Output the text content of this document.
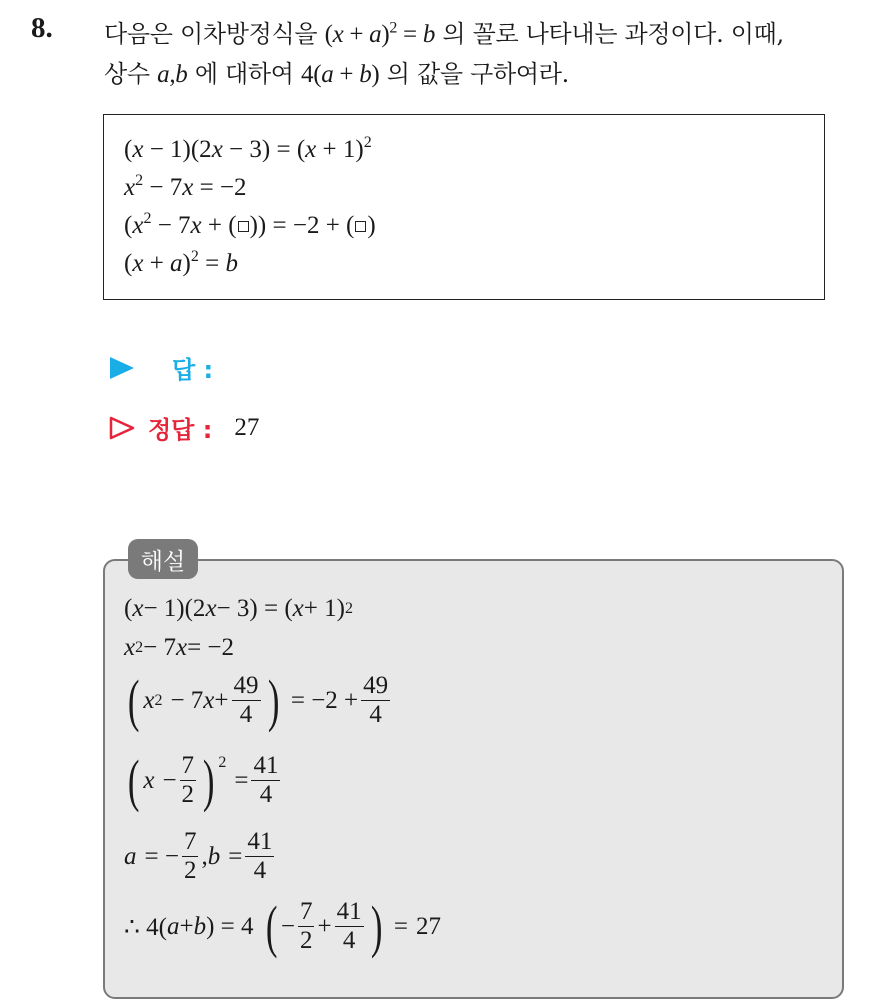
8. 다음은 이차방정식을 $(x + a)^2 = b$ 의 꼴로 나타내는 과정이다. 이때,
상수 a,b 에 대하여 4(a + b) 의 값을 구하여라.
$(x - 1)(2x - 3) = (x + 1)^2$
$x^2 - 7x = -2$
($x^2 - 7x$ + ( )) = −2 + ( )
$(x + a)^2 = b$
답 :
정답 : 27
해설
( x − 1)(2 x − 3) = ( x + 1) 2
x 2 − 7 x = −2
( x 2 − 7 $x + \frac{49}{4}$ ) = $-2 + \frac{49}{4}$
( $x - \frac{7}{2}$ ) 2
= $\frac{41}{4}$
a = − $\frac{7}{2}$ , $b = \frac{41}{4}$
∴ 4( a + b ) = 4 ( − $\frac{7}{2} + \frac{41}{4}$ ) = 27
